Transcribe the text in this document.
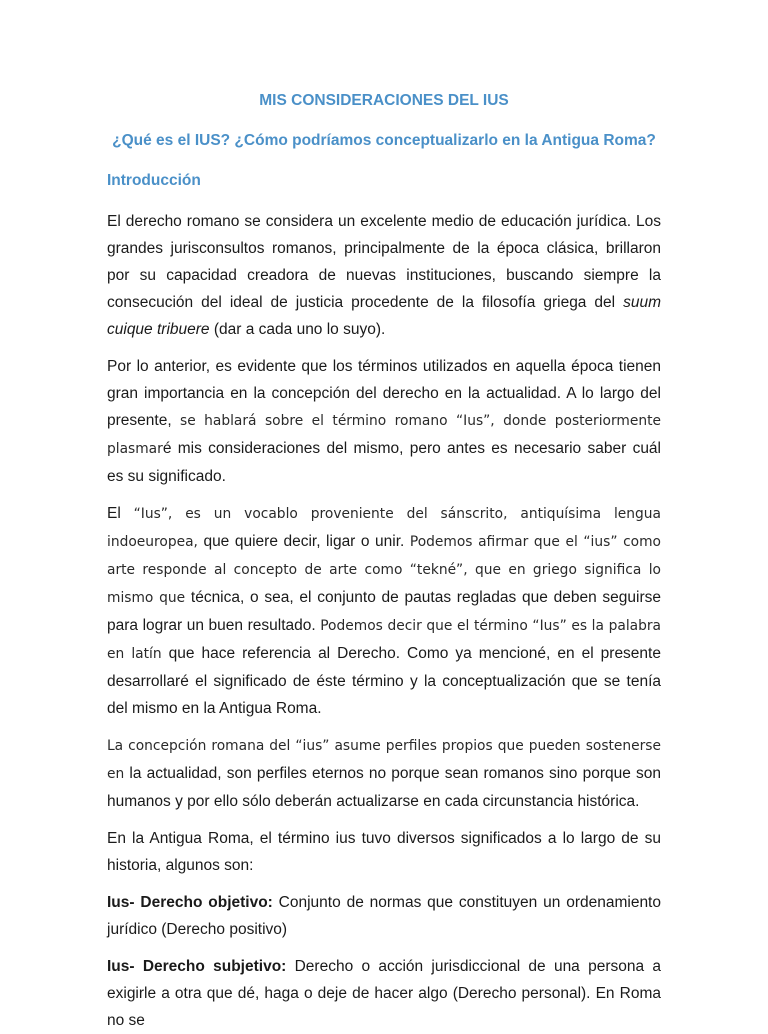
MIS CONSIDERACIONES DEL IUS
¿Qué es el IUS? ¿Cómo podríamos conceptualizarlo en la Antigua Roma?
Introducción

El derecho romano se considera un excelente medio de educación jurídica. Los grandes jurisconsultos romanos, principalmente de la época clásica, brillaron por su capacidad creadora de nuevas instituciones, buscando siempre la consecución del ideal de justicia procedente de la filosofía griega del suum cuique tribuere (dar a cada uno lo suyo).

Por lo anterior, es evidente que los términos utilizados en aquella época tienen gran importancia en la concepción del derecho en la actualidad. A lo largo del presente, se hablará sobre el término romano “Ius”, donde posteriormente plasmaré mis consideraciones del mismo, pero antes es necesario saber cuál es su significado.

El “Ius”, es un vocablo proveniente del sánscrito, antiquísima lengua indoeuropea, que quiere decir, ligar o unir. Podemos afirmar que el “ius” como arte responde al concepto de arte como “tekné”, que en griego significa lo mismo que técnica, o sea, el conjunto de pautas regladas que deben seguirse para lograr un buen resultado. Podemos decir que el término “Ius” es la palabra en latín que hace referencia al Derecho. Como ya mencioné, en el presente desarrollaré el significado de éste término y la conceptualización que se tenía del mismo en la Antigua Roma.

La concepción romana del “ius” asume perfiles propios que pueden sostenerse en la actualidad, son perfiles eternos no porque sean romanos sino porque son humanos y por ello sólo deberán actualizarse en cada circunstancia histórica.

En la Antigua Roma, el término ius tuvo diversos significados a lo largo de su historia, algunos son:

Ius- Derecho objetivo: Conjunto de normas que constituyen un ordenamiento jurídico (Derecho positivo)

Ius- Derecho subjetivo: Derecho o acción jurisdiccional de una persona a exigirle a otra que dé, haga o deje de hacer algo (Derecho personal). En Roma no se
